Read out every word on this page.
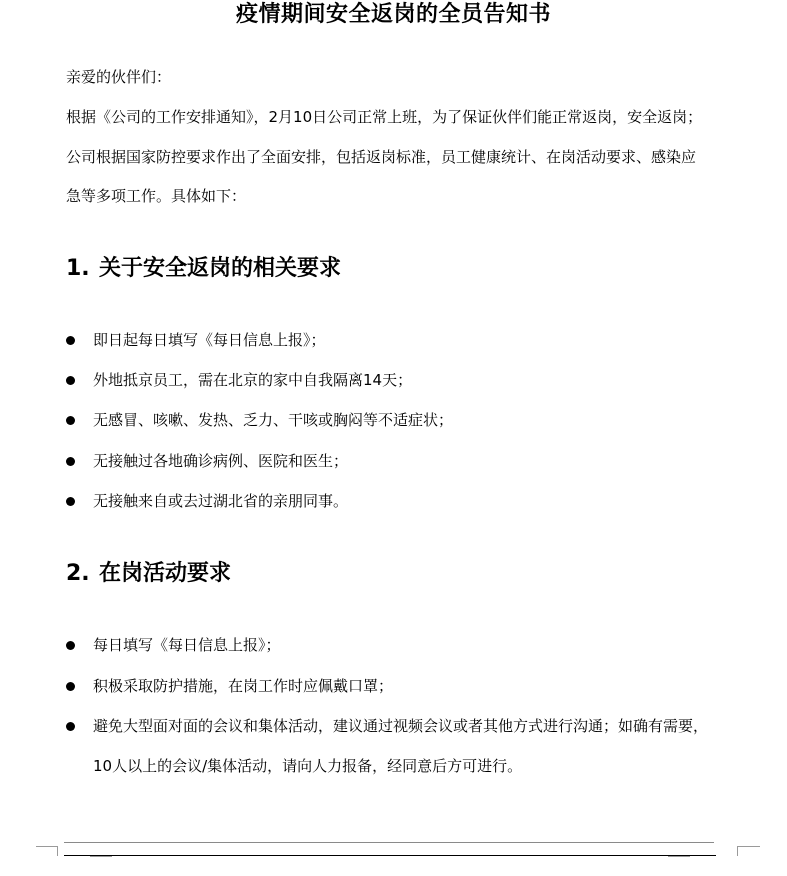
疫情期间安全返岗的全员告知书
亲爱的伙伴们：
根据《公司的工作安排通知》，2月10日公司正常上班，为了保证伙伴们能正常返岗，安全返岗；
公司根据国家防控要求作出了全面安排，包括返岗标准，员工健康统计、在岗活动要求、感染应
急等多项工作。具体如下：
1. 关于安全返岗的相关要求
即日起每日填写《每日信息上报》；
外地抵京员工，需在北京的家中自我隔离14天；
无感冒、咳嗽、发热、乏力、干咳或胸闷等不适症状；
无接触过各地确诊病例、医院和医生；
无接触来自或去过湖北省的亲朋同事。
2. 在岗活动要求
每日填写《每日信息上报》；
积极采取防护措施，在岗工作时应佩戴口罩；
避免大型面对面的会议和集体活动，建议通过视频会议或者其他方式进行沟通；如确有需要，
10人以上的会议/集体活动，请向人力报备，经同意后方可进行。
